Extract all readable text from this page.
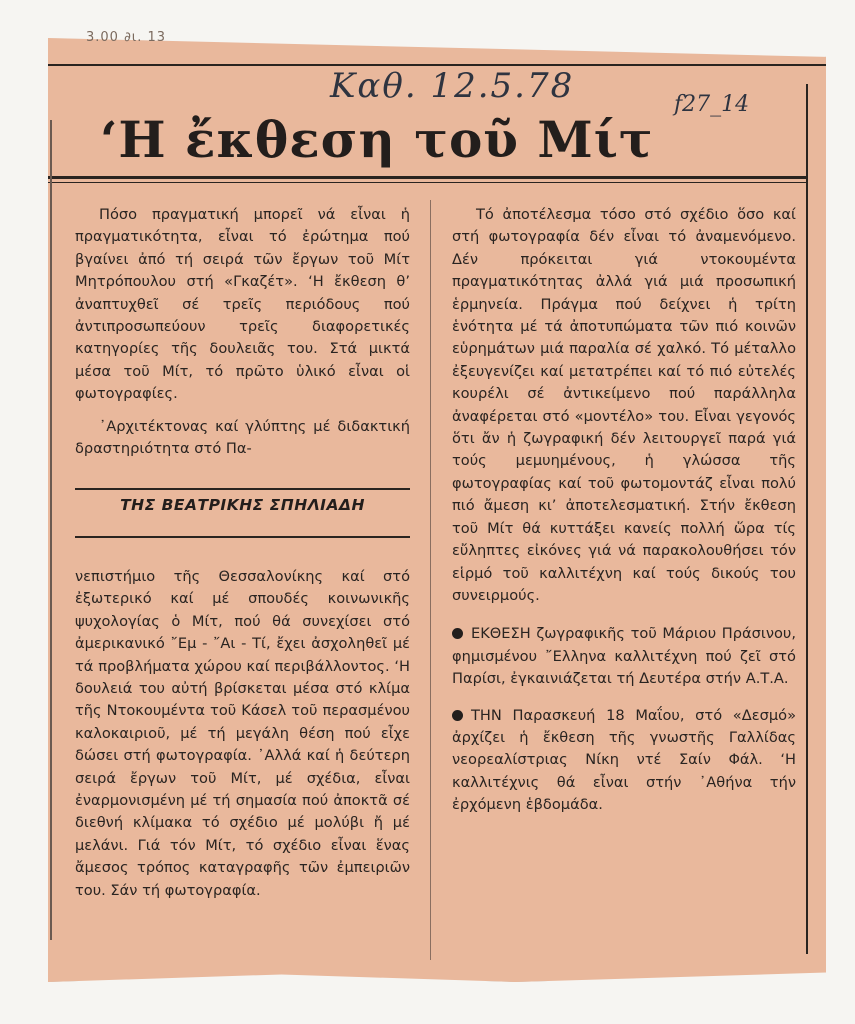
3.00 ∂ι. 13
Καθ. 12.5.78	f27_14
‘Η ἔκθεση τοῦ Μίτ

Πόσο πραγματική μπορεῖ νά εἶναι ἡ πραγματικότητα, εἶναι τό ἐρώτημα πού βγαίνει ἀπό τή σειρά τῶν ἔργων τοῦ Μίτ Μητρόπουλου στή «Γκαζέτ». ‘Η ἔκθεση θ’ ἀναπτυχθεῖ σέ τρεῖς περιόδους πού ἀντιπροσωπεύουν τρεῖς διαφορετικές κατηγορίες τῆς δουλειᾶς του. Στά μικτά μέσα τοῦ Μίτ, τό πρῶτο ὑλικό εἶναι οἱ φωτογραφίες.

᾽Αρχιτέκτονας καί γλύπτης μέ διδακτική δραστηριότητα στό Πα-

ΤΗΣ ΒΕΑΤΡΙΚΗΣ ΣΠΗΛΙΑΔΗ

νεπιστήμιο τῆς Θεσσαλονίκης καί στό ἐξωτερικό καί μέ σπουδές κοινωνικῆς ψυχολογίας ὁ Μίτ, πού θά συνεχίσει στό ἀμερικανικό ῎Εμ - ῎Αι - Τί, ἔχει ἀσχοληθεῖ μέ τά προβλήματα χώρου καί περιβάλλοντος. ‘Η δουλειά του αὐτή βρίσκεται μέσα στό κλίμα τῆς Ντοκουμέντα τοῦ Κάσελ τοῦ περασμένου καλοκαιριοῦ, μέ τή μεγάλη θέση πού εἶχε δώσει στή φωτογραφία. ᾽Αλλά καί ἡ δεύτερη σειρά ἔργων τοῦ Μίτ, μέ σχέδια, εἶναι ἐναρμονισμένη μέ τή σημασία πού ἀποκτᾶ σέ διεθνή κλίμακα τό σχέδιο μέ μολύβι ἤ μέ μελάνι. Γιά τόν Μίτ, τό σχέδιο εἶναι ἕνας ἄμεσος τρόπος καταγραφῆς τῶν ἐμπειριῶν του. Σάν τή φωτογραφία.

Τό ἀποτέλεσμα τόσο στό σχέδιο ὅσο καί στή φωτογραφία δέν εἶναι τό ἀναμενόμενο. Δέν πρόκειται γιά ντοκουμέντα πραγματικότητας ἀλλά γιά μιά προσωπική ἑρμηνεία. Πράγμα πού δείχνει ἡ τρίτη ἑνότητα μέ τά ἀποτυπώματα τῶν πιό κοινῶν εὑρημάτων μιά παραλία σέ χαλκό. Τό μέταλλο ἐξευγενίζει καί μετατρέπει καί τό πιό εὐτελές κουρέλι σέ ἀντικείμενο πού παράλληλα ἀναφέρεται στό «μοντέλο» του. Εἶναι γεγονός ὅτι ἄν ἡ ζωγραφική δέν λειτουργεῖ παρά γιά τούς μεμυημένους, ἡ γλώσσα τῆς φωτογραφίας καί τοῦ φωτομοντάζ εἶναι πολύ πιό ἄμεση κι’ ἀποτελεσματική. Στήν ἔκθεση τοῦ Μίτ θά κυττάξει κανείς πολλή ὥρα τίς εὔληπτες εἰκόνες γιά νά παρακολουθήσει τόν εἱρμό τοῦ καλλιτέχνη καί τούς δικούς του συνειρμούς.

ΕΚΘΕΣΗ ζωγραφικῆς τοῦ Μάριου Πράσινου, φημισμένου ῎Ελληνα καλλιτέχνη πού ζεῖ στό Παρίσι, ἐγκαινιάζεται τή Δευτέρα στήν Α.Τ.Α.

ΤΗΝ Παρασκευή 18 Μαΐου, στό «Δεσμό» ἀρχίζει ἡ ἔκθεση τῆς γνωστῆς Γαλλίδας νεορεαλίστριας Νίκη ντέ Σαίν Φάλ. ‘Η καλλιτέχνις θά εἶναι στήν ᾽Αθήνα τήν ἐρχόμενη ἑβδομάδα.
